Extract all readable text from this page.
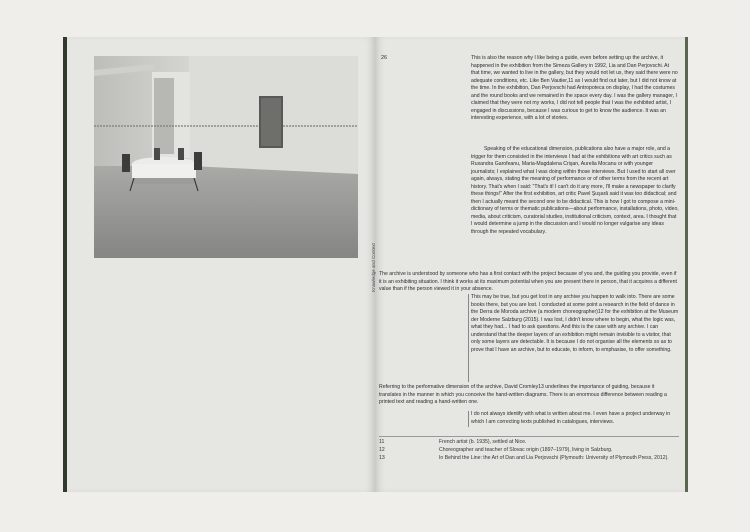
26
Knowledge and Context

This is also the reason why I like being a guide, even before setting up the archive, it happened in the exhibition from the Simeza Gallery in 1992, Lia and Dan Perjovschi. At that time, we wanted to live in the gallery, but they would not let us, they said there were no adequate conditions, etc. Like Ben Vautier,11 as I would find out later, but I did not know at the time. In the exhibition, Dan Perjovschi had Antropoteca on display, I had the costumes and the round books and we remained in the space every day. I was the gallery manager, I claimed that they were not my works, I did not tell people that I was the exhibited artist, I engaged in discussions, because I was curious to get to know the audience. It was an interesting experience, with a lot of stories.

Speaking of the educational dimension, publications also have a major role, and a trigger for them consisted in the interviews I had at the exhibitions with art critics such as Ruxandra Garofeanu, Maria-Magdalena Crişan, Aurelia Mocanu or with younger journalists; I explained what I was doing within those interviews. But I used to start all over again, always, stating the meaning of performance or of other terms from the recent art history. That's when I said: “That's it! I can't do it any more, I'll make a newspaper to clarify these things!” After the first exhibition, art critic Pavel Şuşară said it was too didactical; and then I actually meant the second one to be didactical. This is how I got to compose a mini-dictionary of terms or thematic publications—about performance, installations, photo, video, media, about criticism, curatorial studies, institutional criticism, context, area. I thought that I would determine a jump in the discussion and I would no longer vulgarise any ideas through the repeated vocabulary.

The archive is understood by someone who has a first contact with the project because of you and, the guiding you provide, even if it is an exhibiting situation. I think it works at its maximum potential when you are present there in person, that it acquires a different value than if the person viewed it in your absence.

This may be true, but you get lost in any archive you happen to walk into. There are some books there, but you are lost. I conducted at some point a research in the field of dance in the Derra de Moroda archive (a modern choreographer)12 for the exhibition at the Museum der Moderne Salzburg (2015). I was lost, I didn't know where to begin, what the logic was, what they had... I had to ask questions. And this is the case with any archive. I can understand that the deeper layers of an exhibition might remain invisible to a visitor, that only some layers are detectable. It is because I do not organise all the elements so as to prove that I have an archive, but to educate, to inform, to emphasise, to offer something.

Referring to the performative dimension of the archive, David Cromley13 underlines the importance of guiding, because it translates in the manner in which you conceive the hand-written diagrams. There is an enormous difference between reading a printed text and reading a hand-written one.

I do not always identify with what is written about me. I even have a project underway in which I am correcting texts published in catalogues, interviews.

11	French artist (b. 1935), settled at Nice.
12	Choreographer and teacher of Slovac origin (1897–1979), living in Salzburg.
13	In Behind the Line: the Art of Dan and Lia Perjovschi (Plymouth: University of Plymouth Press, 2012).
